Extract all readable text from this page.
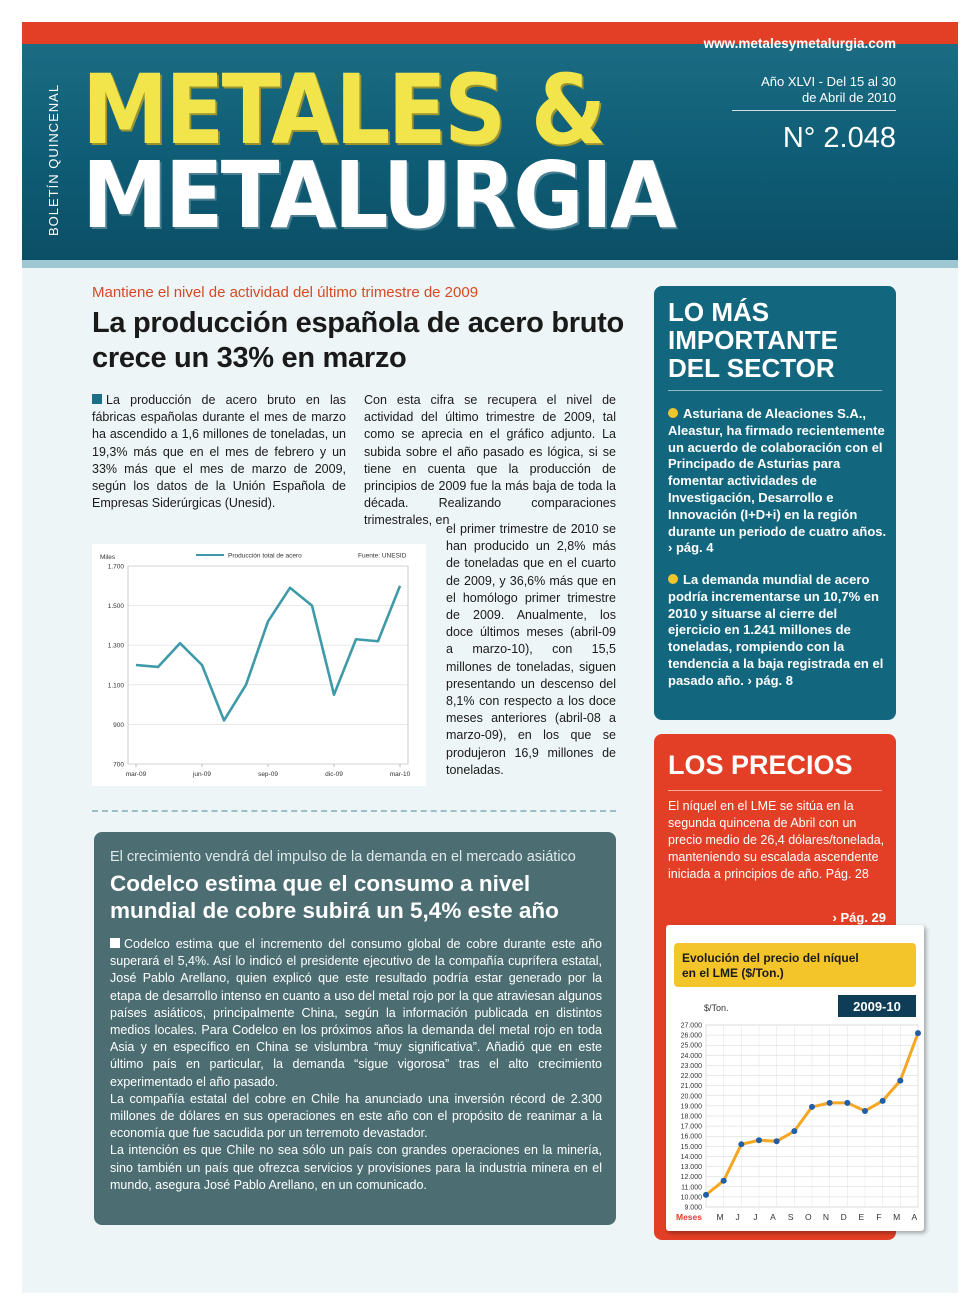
www.metalesymetalurgia.com
BOLETÍN QUINCENAL METALES &
METALURGIA
Año XLVI - Del 15 al 30
de Abril de 2010
N° 2.048
Mantiene el nivel de actividad del último trimestre de 2009
La producción española de acero bruto crece un 33% en marzo
La producción de acero bruto en las fábricas españolas durante el mes de marzo ha ascendido a 1,6 millones de toneladas, un 19,3% más que en el mes de febrero y un 33% más que el mes de marzo de 2009, según los datos de la Unión Española de Empresas Siderúrgicas (Unesid).
Con esta cifra se recupera el nivel de actividad del último trimestre de 2009, tal como se aprecia en el gráfico adjunto. La subida sobre el año pasado es lógica, si se tiene en cuenta que la producción de principios de 2009 fue la más baja de toda la década. Realizando comparaciones trimestrales, en
el primer trimestre de 2010 se han producido un 2,8% más de toneladas que en el cuarto de 2009, y 36,6% más que en el homólogo primer trimestre de 2009. Anualmente, los doce últimos meses (abril-09 a marzo-10), con 15,5 millones de toneladas, siguen presentando un descenso del 8,1% con respecto a los doce meses anteriores (abril-08 a marzo-09), en los que se produjeron 16,9 millones de toneladas.
Miles	Producción total de acero	Fuente: UNESID
700
900
1.100
1.300
1.500
1.700
mar-09	jun-09	sep-09	dic-09	mar-10
El crecimiento vendrá del impulso de la demanda en el mercado asiático
Codelco estima que el consumo a nivel mundial de cobre subirá un 5,4% este año

Codelco estima que el incremento del consumo global de cobre durante este año superará el 5,4%. Así lo indicó el presidente ejecutivo de la compañía cuprífera estatal, José Pablo Arellano, quien explicó que este resultado podría estar generado por la etapa de desarrollo intenso en cuanto a uso del metal rojo por la que atraviesan algunos países asiáticos, principalmente China, según la información publicada en distintos medios locales. Para Codelco en los próximos años la demanda del metal rojo en toda Asia y en específico en China se vislumbra “muy significativa”. Añadió que en este último país en particular, la demanda “sigue vigorosa” tras el alto crecimiento experimentado el año pasado.

La compañía estatal del cobre en Chile ha anunciado una inversión récord de 2.300 millones de dólares en sus operaciones en este año con el propósito de reanimar a la economía que fue sacudida por un terremoto devastador.

La intención es que Chile no sea sólo un país con grandes operaciones en la minería, sino también un país que ofrezca servicios y provisiones para la industria minera en el mundo, asegura José Pablo Arellano, en un comunicado.

LO MÁS IMPORTANTE DEL SECTOR
Asturiana de Aleaciones S.A., Aleastur, ha firmado recientemente un acuerdo de colaboración con el Principado de Asturias para fomentar actividades de Investigación, Desarrollo e Innovación (I+D+i) en la región durante un periodo de cuatro años. › pág. 4
La demanda mundial de acero podría incrementarse un 10,7% en 2010 y situarse al cierre del ejercicio en 1.241 millones de toneladas, rompiendo con la tendencia a la baja registrada en el pasado año. › pág. 8
LOS PRECIOS
El níquel en el LME se sitúa en la segunda quincena de Abril con un precio medio de 26,4 dólares/tonelada, manteniendo su escalada ascendente iniciada a principios de año. Pág. 28
› Pág. 29
Evolución del precio del níquel
en el LME ($/Ton.)
$/Ton.	2009-10
9.000
10.000
11.000
12.000
13.000
14.000
15.000
16.000
17.000
18.000
19.000
20.000
21.000
22.000
23.000
24.000
25.000
26.000
27.000
M J J A S O N D E F M A
Meses
